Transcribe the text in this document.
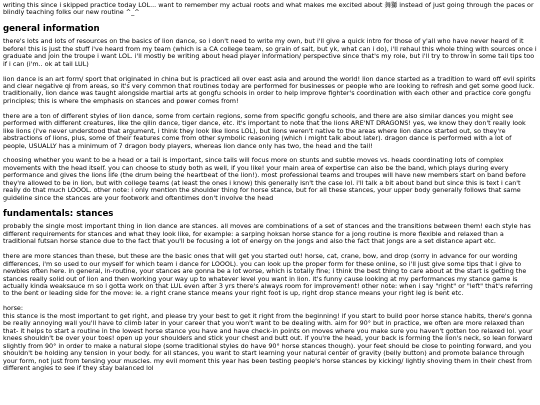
writing this since i skipped practice today LOL... want to remember my actual roots and what makes me excited about 舞獅 instead of just going through the paces or blindly teaching folks our new routine ^_^

general information

there's lots and lots of resources on the basics of lion dance, so i don't need to write my own, but i'll give a quick intro for those of y'all who have never heard of it before! this is just the stuff i've heard from my team (which is a CA college team, so grain of salt, but yk, what can i do), i'll rehaul this whole thing with sources once i graduate and join the troupe i want LOL. i'll mostly be writing about head player information/ perspective since that's my role, but i'll try to throw in some tail tips too if i can (i'm.. ok at tail LUL)

lion dance is an art form/ sport that originated in china but is practiced all over east asia and around the world! lion dance started as a tradition to ward off evil spirits and clear negative qi from areas, so it's very common that routines today are performed for businesses or people who are looking to refresh and get some good luck. traditionally, lion dance was taught alongside martial arts at gongfu schools in order to help improve fighter's coordination with each other and practice core gongfu principles; this is where the emphasis on stances and power comes from!

there are a ton of different styles of lion dance, some from certain regions, some from specific gongfu schools, and there are also similar dances you might see performed with different creatures, like the qilin dance, tiger dance, etc. it's important to note that the lions ARE'NT DRAGONS! yes, we know they don't really look like lions (i've never understood that argument, i think they look like lions LOL), but lions weren't native to the areas where lion dance started out, so they're abstractions of lions, plus, some of their features come from other symbolic reasoning (which i might talk about later). dragon dance is performed with a lot of people, USUALLY has a minimum of 7 dragon body players, whereas lion dance only has two, the head and the tail!

choosing whether you want to be a head or a tail is important, since tails will focus more on stunts and subtle moves vs. heads coordinating lots of complex movements with the head itself. you can choose to study both as well, if you like! your main area of expertise can also be the band, which plays during every performance and gives the lions life (the drum being the heartbeat of the lion!). most professional teams and troupes will have new members start on band before they're allowed to be in lion, but with college teams (at least the ones i know) this generally isn't the case lol. i'll talk a bit about band but since this is text i can't really do that much LOOOL. other note: i only mention the shoulder thing for horse stance, but for all these stances, your upper body generally follows that same guideline since the stances are your footwork and oftentimes don't involve the head

fundamentals: stances

probably the single most important thing in lion dance are stances. all moves are combinations of a set of stances and the transitions between them! each style has different requirements for stances and what they look like, for example: a sarping hoksan horse stance for a jong routine is more flexible and relaxed than a traditional futsan horse stance due to the fact that you'll be focusing a lot of energy on the jongs and also the fact that jongs are a set distance apart etc.

there are more stances than these, but these are the basic ones that will get you started out! horse, cat, crane, bow, and drop (sorry in advance for our wording differences, i'm so used to our myself for which team i dance for LOOOL). you can look up the proper form for these online, so i'll just give some tips that i give to newbies often here. in general, in-routine, your stances are gonna be a lot worse, which is totally fine; i think the best thing to care about at the start is getting the stances really solid out of lion and then working your way up to whatever level you want in lion. it's funny cause looking at my performances my stance game is actually kinda weaksauce rn so i gotta work on that LUL even after 3 yrs there's always room for improvement! other note: when i say "right" or "left" that's referring to the bent or leading side for the move: ie. a right crane stance means your right foot is up, right drop stance means your right leg is bent etc.

horse:

this stance is the most important to get right, and please try your best to get it right from the beginning! if you start to build poor horse stance habits, there's gonna be really annoying wall you'll have to climb later in your career that you won't want to be dealing with. aim for 90° but in practice, we often are more relaxed than that- it helps to start a routine in the lowest horse stance you have and have check-in points on moves where you make sure you haven't gotten too relaxed lol. your knees shouldn't be over your toes! open up your shoulders and stick your chest and butt out. if you're the head, your back is forming the lion's neck, so lean forward slightly from 90° in order to make a natural slope (some traditional styles do have 90° horse stances though). your feet should be close to pointing forward, and you shouldn't be holding any tension in your body. for all stances, you want to start learning your natural center of gravity (belly button) and promote balance through your form, not just from tensing your muscles. my evil moment this year has been testing people's horse stances by kicking/ lightly shoving them in their chest from different angles to see if they stay balanced lol
